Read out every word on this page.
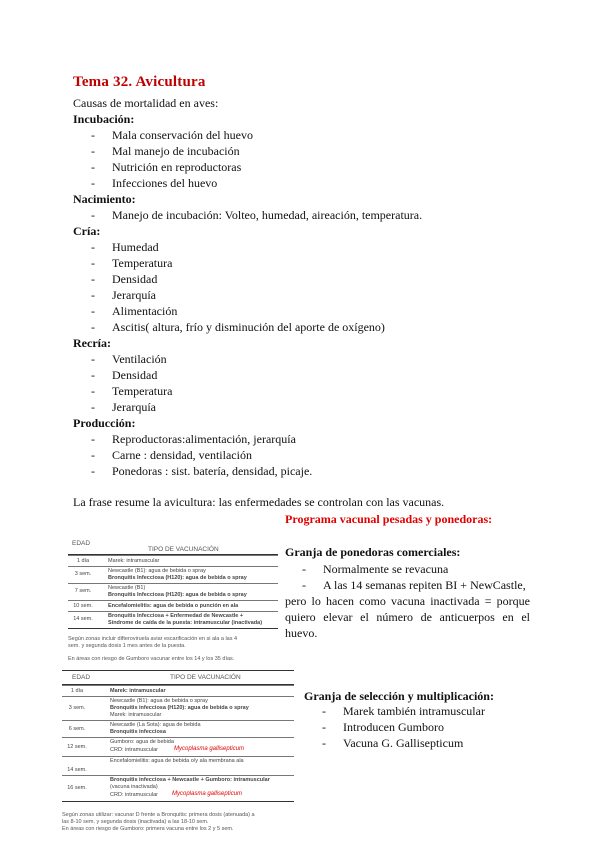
Tema 32. Avicultura
Causas de mortalidad en aves:
Incubación:
- Mala conservación del huevo
- Mal manejo de incubación
- Nutrición en reproductoras
- Infecciones del huevo
Nacimiento:
- Manejo de incubación: Volteo, humedad, aireación, temperatura.
Cría:
- Humedad
- Temperatura
- Densidad
- Jerarquía
- Alimentación
- Ascitis( altura, frío y disminución del aporte de oxígeno)
Recría:
- Ventilación
- Densidad
- Temperatura
- Jerarquía
Producción:
- Reproductoras:alimentación, jerarquía
- Carne : densidad, ventilación
- Ponedoras : sist. batería, densidad, picaje.
La frase resume la avicultura: las enfermedades se controlan con las vacunas.
Programa vacunal pesadas y ponedoras:
EDAD
TIPO DE VACUNACIÓN
1 día	Marek: intramuscular
3 sem.	Newcastle (B1): agua de bebida o spray
Bronquitis Infecciosa (H120): agua de bebida o spray
7 sem.	Newcastle (B1)
Bronquitis Infecciosa (H120): agua de bebida o spray
10 sem.	Encefalomielitis: agua de bebida o punción en ala
14 sem.	Bronquitis Infecciosa + Enfermedad de Newcastle +
Síndrome de caída de la puesta: intramuscular (inactivada)
Según zonas incluir difteroviruela aviar escarificación en si ala a las 4
sem. y segunda dosis 1 mes antes de la puesta.
En áreas con riesgo de Gumboro vacunar entre los 14 y los 35 días.
EDAD	TIPO DE VACUNACIÓN
1 día	Marek: intramuscular
3 sem.
Newcastle (B1): agua de bebida o spray
Bronquitis infecciosa (H120): agua de bebida o spray
Marek: intramuscular
6 sem.
Newcastle (La Sota): agua de bebida
Bronquitis infecciosa
12 sem.
Gumboro: agua de bebida
CRD: intramuscular	Mycoplasma gallisepticum
14 sem.
Encefalomielitis: agua de bebida o/y ala membrana ala
16 sem.
Bronquitis infecciosa + Newcastle + Gumboro: intramuscular
(vacuna inactivada)
CRD: intramuscular Mycoplasma gallisepticum
Según zonas utilizar: vacunar D frente a Bronquitis: primera dosis (atenuada) a
las 8-10 sem. y segunda dosis (inactivada) a las 18-10 sem.
En áreas con riesgo de Gumboro: primera vacuna entre los 2 y 5 sem.
Granja de ponedoras comerciales:
- Normalmente se revacuna
- A las 14 semanas repiten BI + NewCastle,
pero lo hacen como vacuna inactivada = porque quiero elevar el número de anticuerpos en el huevo.
Granja de selección y multiplicación:
- Marek también intramuscular
- Introducen Gumboro
- Vacuna G. Gallisepticum
